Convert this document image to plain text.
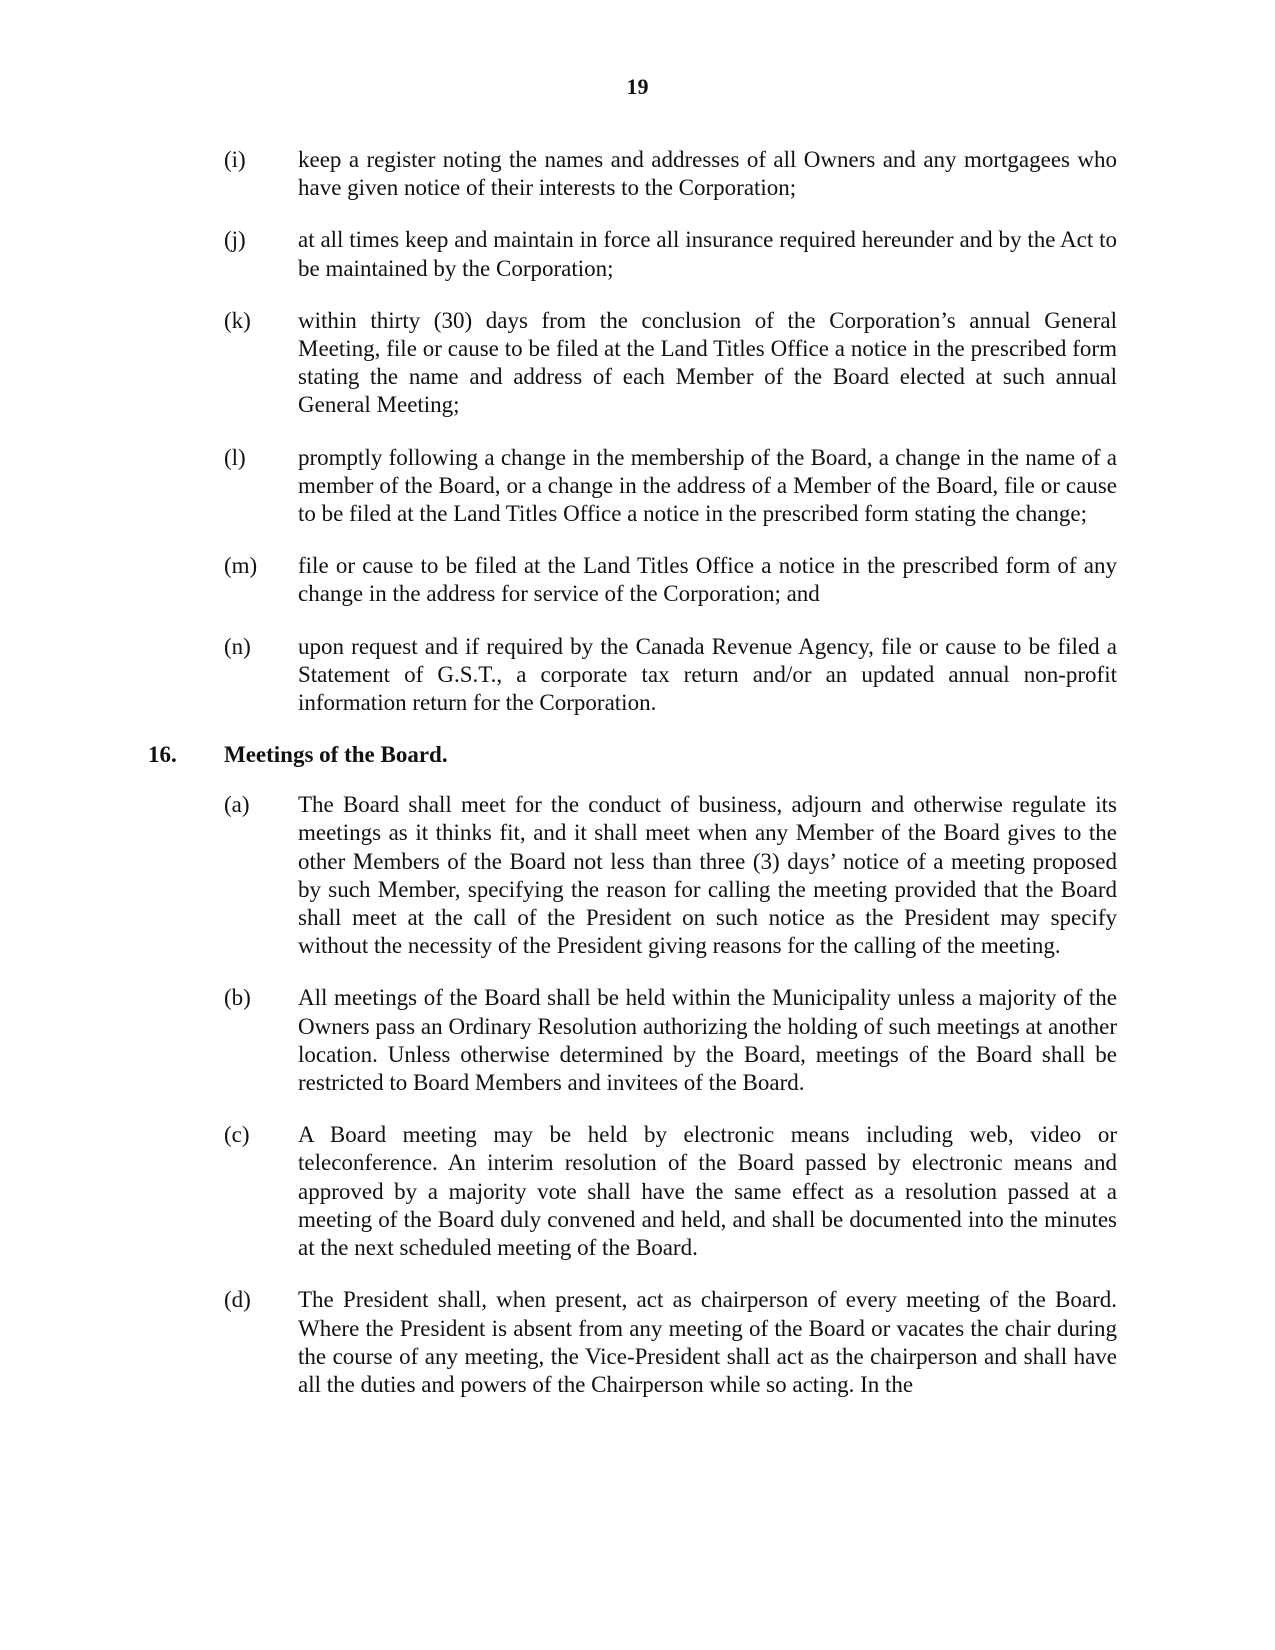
19
(i) keep a register noting the names and addresses of all Owners and any mortgagees who have given notice of their interests to the Corporation;
(j) at all times keep and maintain in force all insurance required hereunder and by the Act to be maintained by the Corporation;
(k) within thirty (30) days from the conclusion of the Corporation’s annual General Meeting, file or cause to be filed at the Land Titles Office a notice in the prescribed form stating the name and address of each Member of the Board elected at such annual General Meeting;
(l) promptly following a change in the membership of the Board, a change in the name of a member of the Board, or a change in the address of a Member of the Board, file or cause to be filed at the Land Titles Office a notice in the prescribed form stating the change;
(m) file or cause to be filed at the Land Titles Office a notice in the prescribed form of any change in the address for service of the Corporation; and
(n) upon request and if required by the Canada Revenue Agency, file or cause to be filed a Statement of G.S.T., a corporate tax return and/or an updated annual non-profit information return for the Corporation.
16. Meetings of the Board.
(a) The Board shall meet for the conduct of business, adjourn and otherwise regulate its meetings as it thinks fit, and it shall meet when any Member of the Board gives to the other Members of the Board not less than three (3) days’ notice of a meeting proposed by such Member, specifying the reason for calling the meeting provided that the Board shall meet at the call of the President on such notice as the President may specify without the necessity of the President giving reasons for the calling of the meeting.
(b) All meetings of the Board shall be held within the Municipality unless a majority of the Owners pass an Ordinary Resolution authorizing the holding of such meetings at another location. Unless otherwise determined by the Board, meetings of the Board shall be restricted to Board Members and invitees of the Board.
(c) A Board meeting may be held by electronic means including web, video or teleconference. An interim resolution of the Board passed by electronic means and approved by a majority vote shall have the same effect as a resolution passed at a meeting of the Board duly convened and held, and shall be documented into the minutes at the next scheduled meeting of the Board.
(d) The President shall, when present, act as chairperson of every meeting of the Board. Where the President is absent from any meeting of the Board or vacates the chair during the course of any meeting, the Vice-President shall act as the chairperson and shall have all the duties and powers of the Chairperson while so acting. In the
